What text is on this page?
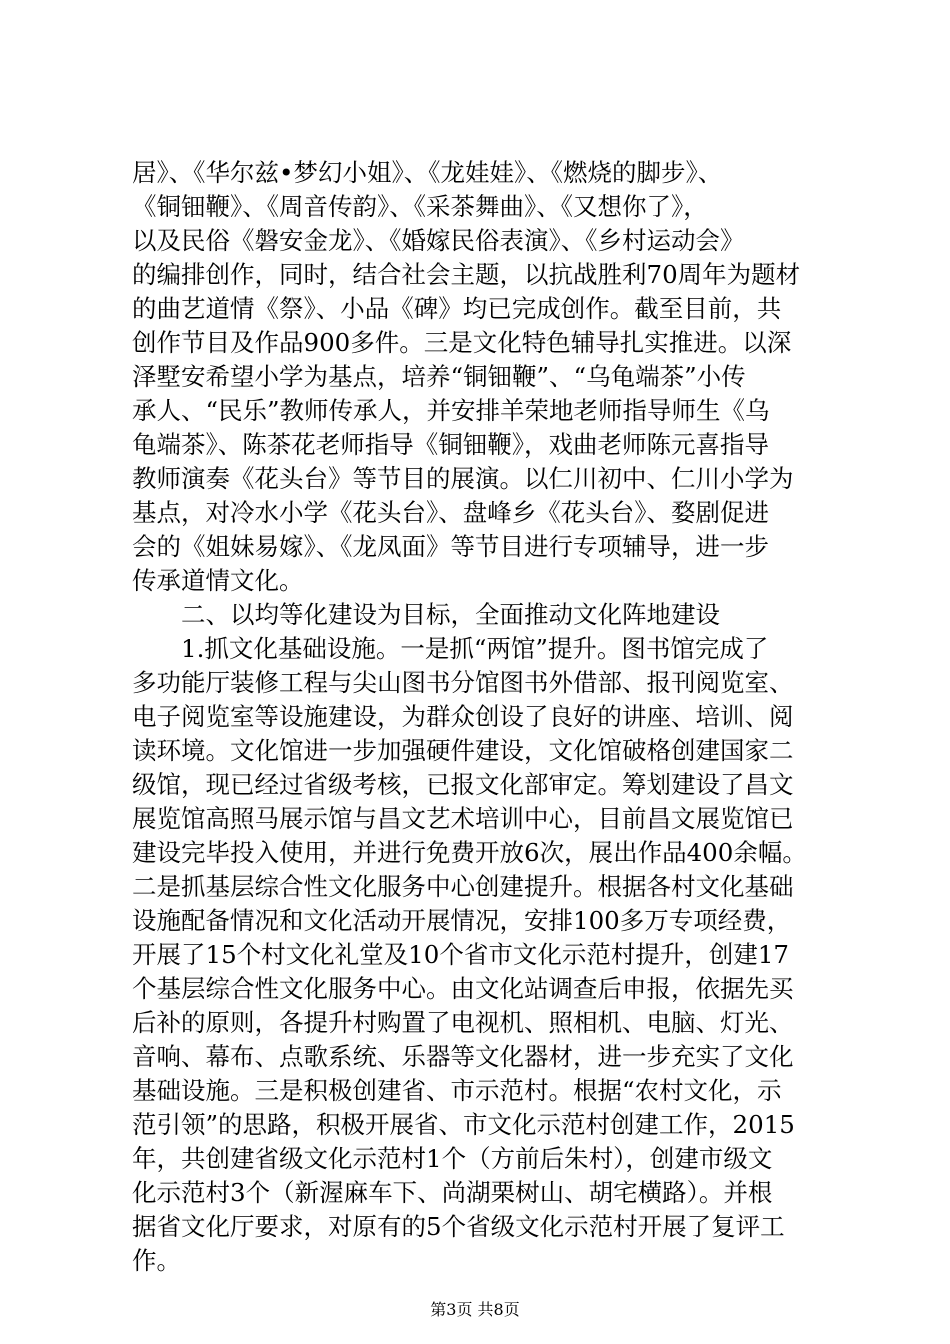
居》、《华尔兹•梦幻小姐》、《龙娃娃》、《燃烧的脚步》、
《铜钿鞭》、《周音传韵》、《采茶舞曲》、《又想你了》，
以及民俗《磐安金龙》、《婚嫁民俗表演》、《乡村运动会》
的编排创作，同时，结合社会主题，以抗战胜利70周年为题材
的曲艺道情《祭》、小品《碑》均已完成创作。截至目前，共
创作节目及作品900多件。三是文化特色辅导扎实推进。以深
泽墅安希望小学为基点，培养“铜钿鞭”、“乌龟端茶”小传
承人、“民乐”教师传承人，并安排羊荣地老师指导师生《乌
龟端茶》、陈茶花老师指导《铜钿鞭》，戏曲老师陈元喜指导
教师演奏《花头台》等节目的展演。以仁川初中、仁川小学为
基点，对冷水小学《花头台》、盘峰乡《花头台》、婺剧促进
会的《姐妹易嫁》、《龙凤面》等节目进行专项辅导，进一步
传承道情文化。
　　二、以均等化建设为目标，全面推动文化阵地建设
　　1.抓文化基础设施。一是抓“两馆”提升。图书馆完成了
多功能厅装修工程与尖山图书分馆图书外借部、报刊阅览室、
电子阅览室等设施建设，为群众创设了良好的讲座、培训、阅
读环境。文化馆进一步加强硬件建设，文化馆破格创建国家二
级馆，现已经过省级考核，已报文化部审定。筹划建设了昌文
展览馆高照马展示馆与昌文艺术培训中心，目前昌文展览馆已
建设完毕投入使用，并进行免费开放6次，展出作品400余幅。
二是抓基层综合性文化服务中心创建提升。根据各村文化基础
设施配备情况和文化活动开展情况，安排100多万专项经费，
开展了15个村文化礼堂及10个省市文化示范村提升，创建17
个基层综合性文化服务中心。由文化站调查后申报，依据先买
后补的原则，各提升村购置了电视机、照相机、电脑、灯光、
音响、幕布、点歌系统、乐器等文化器材，进一步充实了文化
基础设施。三是积极创建省、市示范村。根据“农村文化，示
范引领”的思路，积极开展省、市文化示范村创建工作，2015
年，共创建省级文化示范村1个（方前后朱村），创建市级文
化示范村3个（新渥麻车下、尚湖栗树山、胡宅横路）。并根
据省文化厅要求，对原有的5个省级文化示范村开展了复评工
作。
第3页 共8页
